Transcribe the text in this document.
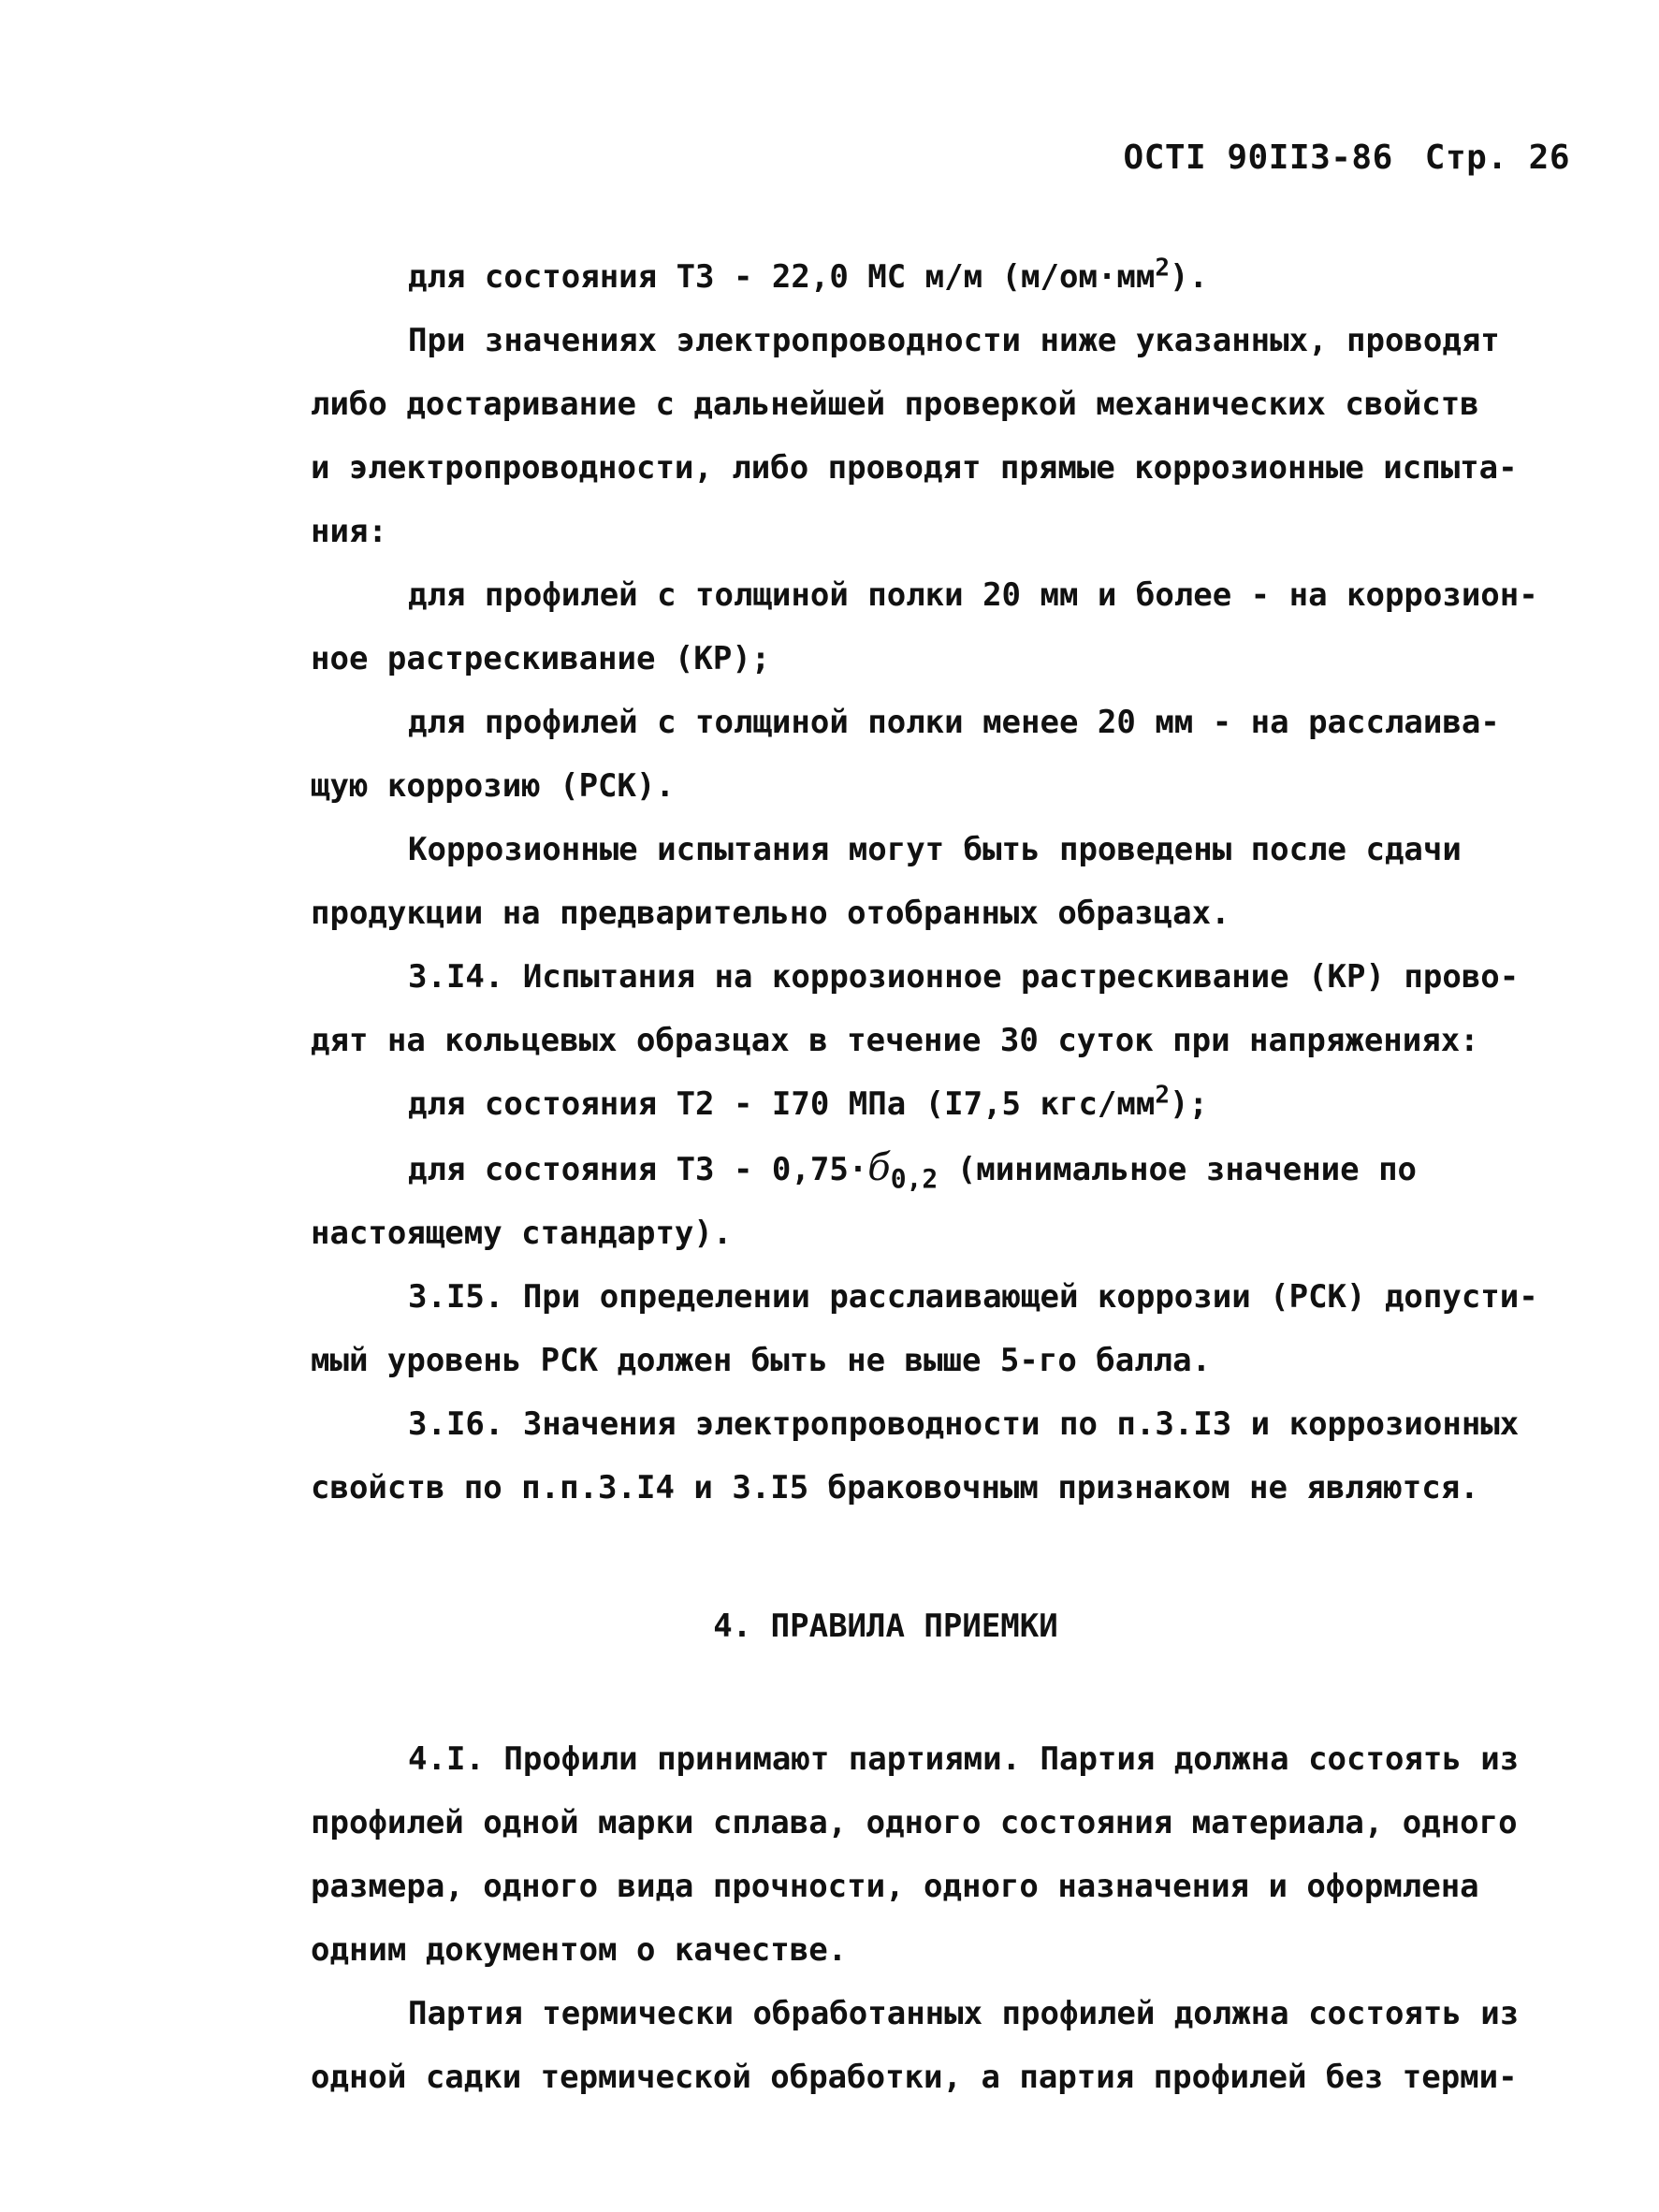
ОСТI 90II3-86 Стр. 26
для состояния Т3 - 22,0 МС м/м $(м/ом\cdot мм^2)$.
При значениях электропроводности ниже указанных, проводят
либо достаривание с дальнейшей проверкой механических свойств
и электропроводности, либо проводят прямые коррозионные испыта-
ния:
для профилей с толщиной полки 20 мм и более - на коррозион-
ное растрескивание (КР);
для профилей с толщиной полки менее 20 мм - на расслаива-
щую коррозию (РСК).
Коррозионные испытания могут быть проведены после сдачи
продукции на предварительно отобранных образцах.
3.I4. Испытания на коррозионное растрескивание (КР) прово-
дят на кольцевых образцах в течение 30 суток при напряжениях:
для состояния Т2 - I70 МПа (I7,5 кгс/$мм^2$);
для состояния $Т3 - 0,75\cdot б_{0,2}$ (минимальное значение по
настоящему стандарту).
3.I5. При определении расслаивающей коррозии (РСК) допусти-
мый уровень РСК должен быть не выше 5-го балла.
3.I6. Значения электропроводности по п.3.I3 и коррозионных
свойств по п.п.3.I4 и 3.I5 браковочным признаком не являются.
4. ПРАВИЛА ПРИЕМКИ
4.I. Профили принимают партиями. Партия должна состоять из
профилей одной марки сплава, одного состояния материала, одного
размера, одного вида прочности, одного назначения и оформлена
одним документом о качестве.
Партия термически обработанных профилей должна состоять из
одной садки термической обработки, а партия профилей без терми-
